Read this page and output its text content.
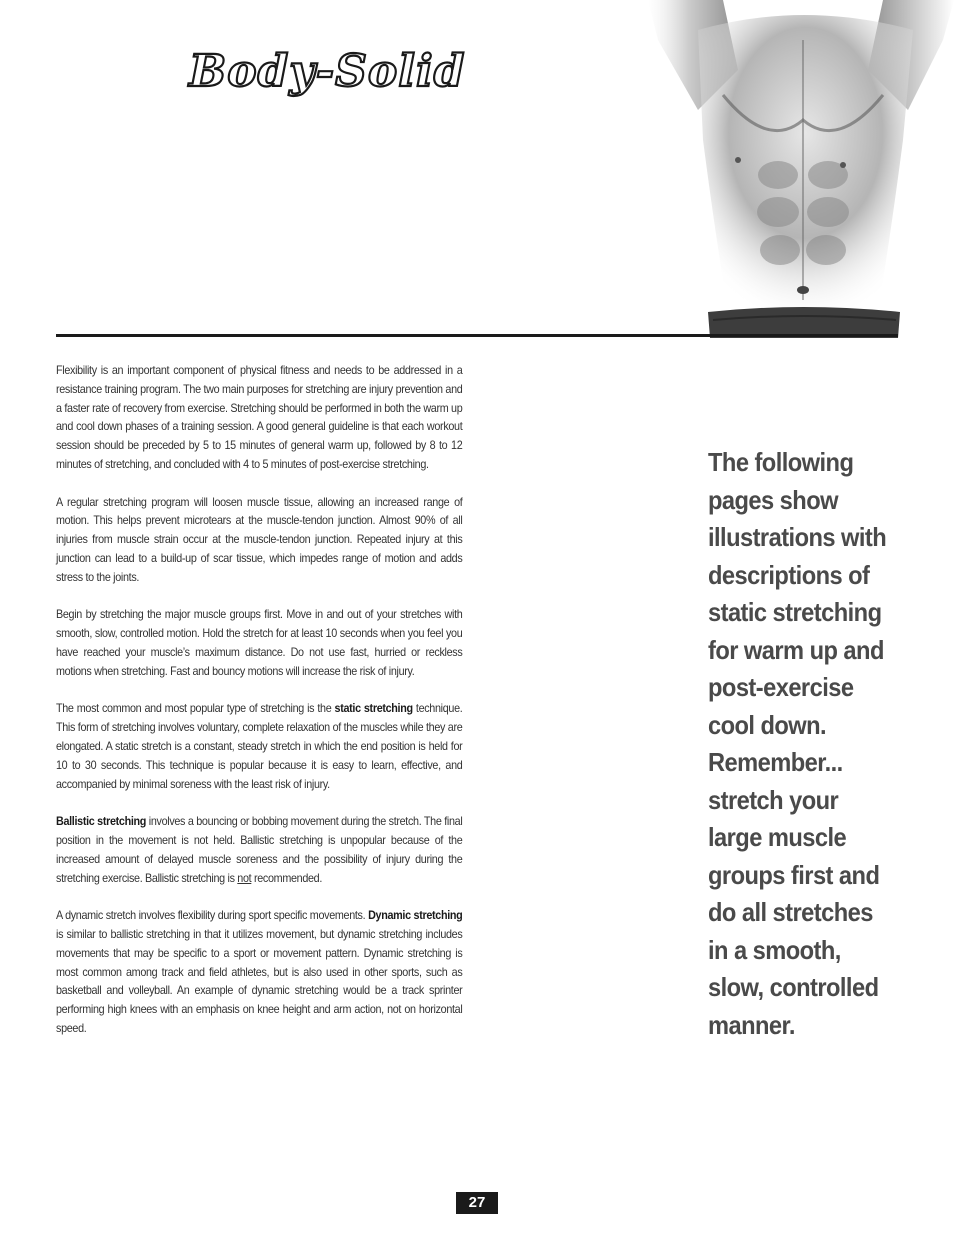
Body-Solid

Flexibility is an important component of physical fitness and needs to be addressed in a resistance training program. The two main purposes for stretching are injury prevention and a faster rate of recovery from exercise. Stretching should be performed in both the warm up and cool down phases of a training session. A good general guideline is that each workout session should be preceded by 5 to 15 minutes of general warm up, followed by 8 to 12 minutes of stretching, and concluded with 4 to 5 minutes of post-exercise stretching.

A regular stretching program will loosen muscle tissue, allowing an increased range of motion. This helps prevent microtears at the muscle-tendon junction. Almost 90% of all injuries from muscle strain occur at the muscle-tendon junction. Repeated injury at this junction can lead to a build-up of scar tissue, which impedes range of motion and adds stress to the joints.

Begin by stretching the major muscle groups first. Move in and out of your stretches with smooth, slow, controlled motion. Hold the stretch for at least 10 seconds when you feel you have reached your muscle’s maximum distance. Do not use fast, hurried or reckless motions when stretching. Fast and bouncy motions will increase the risk of injury.

The most common and most popular type of stretching is the static stretching technique. This form of stretching involves voluntary, complete relaxation of the muscles while they are elongated. A static stretch is a constant, steady stretch in which the end position is held for 10 to 30 seconds. This technique is popular because it is easy to learn, effective, and accompanied by minimal soreness with the least risk of injury.

Ballistic stretching involves a bouncing or bobbing movement during the stretch. The final position in the movement is not held. Ballistic stretching is unpopular because of the increased amount of delayed muscle soreness and the possibility of injury during the stretching exercise. Ballistic stretching is not recommended.

A dynamic stretch involves flexibility during sport specific movements. Dynamic stretching is similar to ballistic stretching in that it utilizes movement, but dynamic stretching includes movements that may be specific to a sport or movement pattern. Dynamic stretching is most common among track and field athletes, but is also used in other sports, such as basketball and volleyball. An example of dynamic stretching would be a track sprinter performing high knees with an emphasis on knee height and arm action, not on horizontal speed.

The following
pages show
illustrations with
descriptions of
static stretching
for warm up and
post-exercise
cool down.
Remember...
stretch your
large muscle
groups first and
do all stretches
in a smooth,
slow, controlled
manner.
27
